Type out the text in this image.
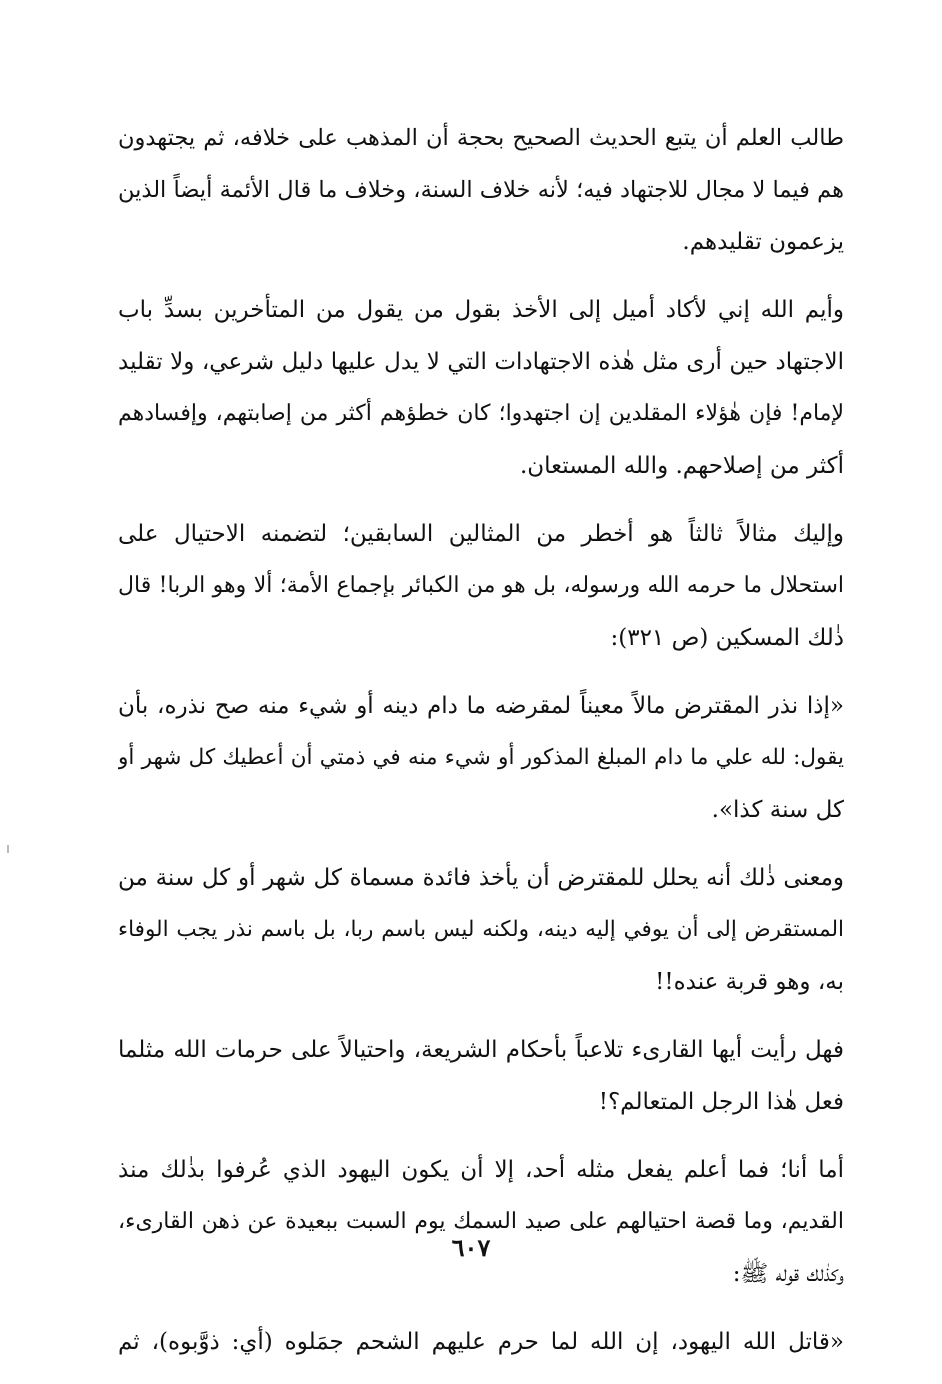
طالب العلم أن يتبع الحديث الصحيح بحجة أن المذهب على خلافه، ثم يجتهدون
هم فيما لا مجال للاجتهاد فيه؛ لأنه خلاف السنة، وخلاف ما قال الأئمة أيضاً الذين
يزعمون تقليدهم.
وأيم الله إني لأكاد أميل إلى الأخذ بقول من يقول من المتأخرين بسدِّ باب
الاجتهاد حين أرى مثل هٰذه الاجتهادات التي لا يدل عليها دليل شرعي، ولا تقليد
لإمام! فإن هٰؤلاء المقلدين إن اجتهدوا؛ كان خطؤهم أكثر من إصابتهم، وإفسادهم
أكثر من إصلاحهم. والله المستعان.
وإليك مثالاً ثالثاً هو أخطر من المثالين السابقين؛ لتضمنه الاحتيال على
استحلال ما حرمه الله ورسوله، بل هو من الكبائر بإجماع الأمة؛ ألا وهو الربا! قال
ذٰلك المسكين (ص ٣٢١):
«إذا نذر المقترض مالاً معيناً لمقرضه ما دام دينه أو شيء منه صح نذره، بأن
يقول: لله علي ما دام المبلغ المذكور أو شيء منه في ذمتي أن أعطيك كل شهر أو
كل سنة كذا».
ومعنى ذٰلك أنه يحلل للمقترض أن يأخذ فائدة مسماة كل شهر أو كل سنة من
المستقرض إلى أن يوفي إليه دينه، ولكنه ليس باسم ربا، بل باسم نذر يجب الوفاء
به، وهو قربة عنده!!
فهل رأيت أيها القارىء تلاعباً بأحكام الشريعة، واحتيالاً على حرمات الله مثلما
فعل هٰذا الرجل المتعالم؟!
أما أنا؛ فما أعلم يفعل مثله أحد، إلا أن يكون اليهود الذي عُرفوا بذٰلك منذ
القديم، وما قصة احتيالهم على صيد السمك يوم السبت ببعيدة عن ذهن القارىء،
وكذٰلك قوله ﷺ:
«قاتل الله اليهود، إن الله لما حرم عليهم الشحم جمَلوه (أي: ذوَّبوه)، ثم
٦٠٧
